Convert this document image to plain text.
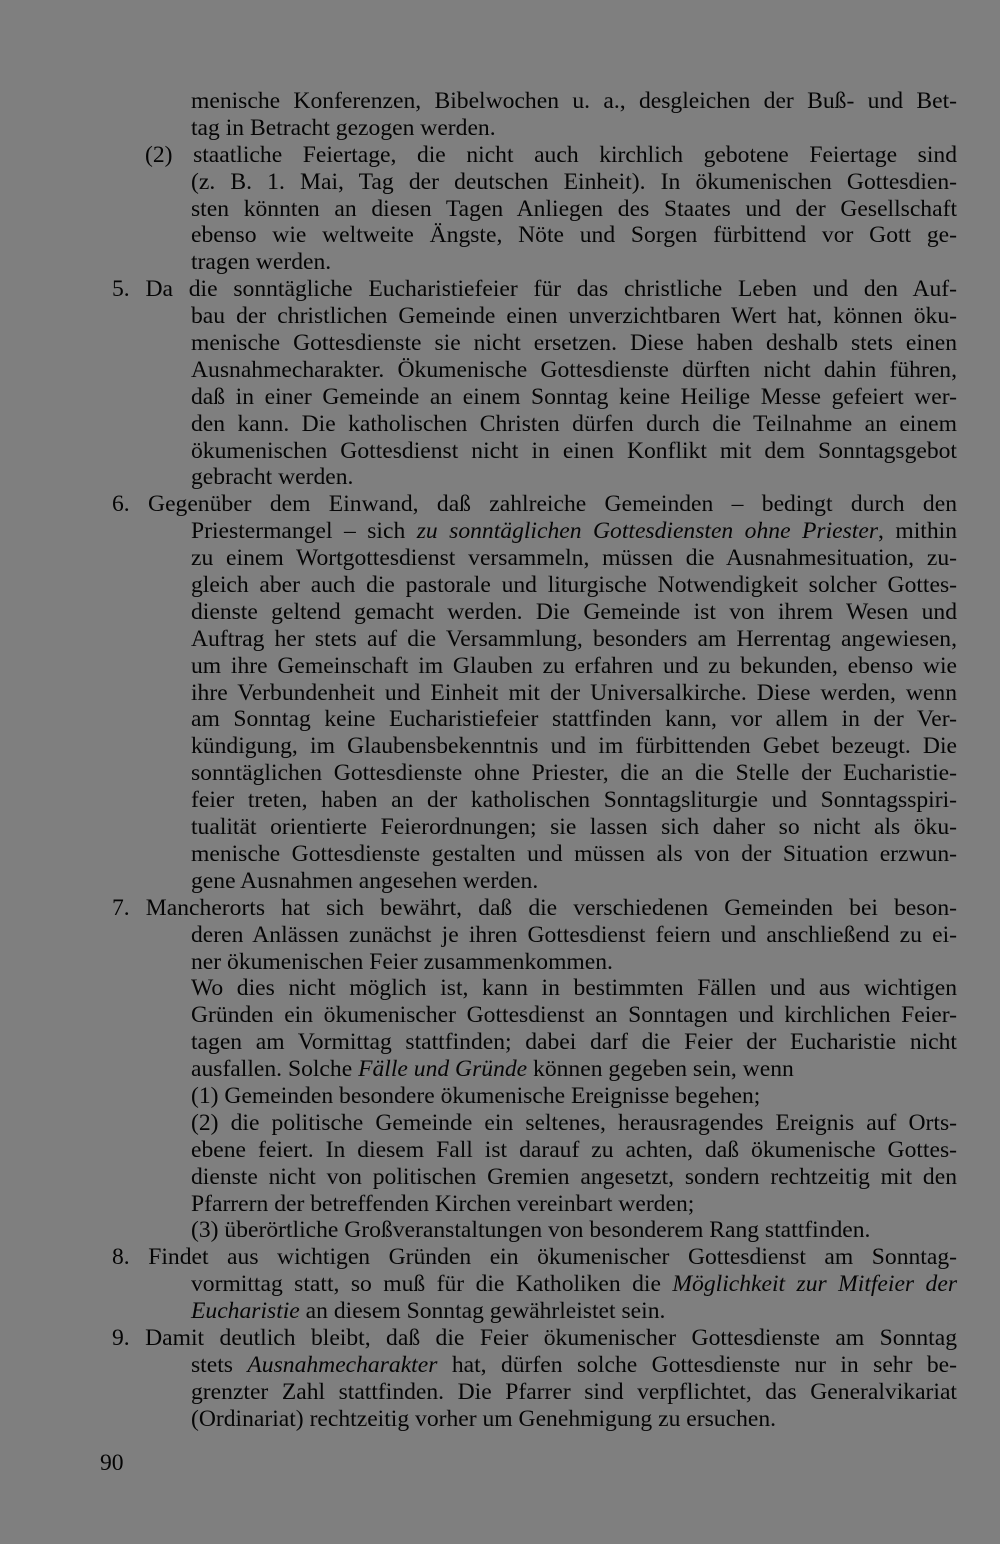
menische Konferenzen, Bibelwochen u. a., desgleichen der Buß- und Bet-
tag in Betracht gezogen werden.
(2) staatliche Feiertage, die nicht auch kirchlich gebotene Feiertage sind
(z. B. 1. Mai, Tag der deutschen Einheit). In ökumenischen Gottesdien-
sten könnten an diesen Tagen Anliegen des Staates und der Gesellschaft
ebenso wie weltweite Ängste, Nöte und Sorgen fürbittend vor Gott ge-
tragen werden.
5. Da die sonntägliche Eucharistiefeier für das christliche Leben und den Auf-
bau der christlichen Gemeinde einen unverzichtbaren Wert hat, können öku-
menische Gottesdienste sie nicht ersetzen. Diese haben deshalb stets einen
Ausnahmecharakter. Ökumenische Gottesdienste dürften nicht dahin führen,
daß in einer Gemeinde an einem Sonntag keine Heilige Messe gefeiert wer-
den kann. Die katholischen Christen dürfen durch die Teilnahme an einem
ökumenischen Gottesdienst nicht in einen Konflikt mit dem Sonntagsgebot
gebracht werden.
6. Gegenüber dem Einwand, daß zahlreiche Gemeinden – bedingt durch den
Priestermangel – sich zu sonntäglichen Gottesdiensten ohne Priester, mithin
zu einem Wortgottesdienst versammeln, müssen die Ausnahmesituation, zu-
gleich aber auch die pastorale und liturgische Notwendigkeit solcher Gottes-
dienste geltend gemacht werden. Die Gemeinde ist von ihrem Wesen und
Auftrag her stets auf die Versammlung, besonders am Herrentag angewiesen,
um ihre Gemeinschaft im Glauben zu erfahren und zu bekunden, ebenso wie
ihre Verbundenheit und Einheit mit der Universalkirche. Diese werden, wenn
am Sonntag keine Eucharistiefeier stattfinden kann, vor allem in der Ver-
kündigung, im Glaubensbekenntnis und im fürbittenden Gebet bezeugt. Die
sonntäglichen Gottesdienste ohne Priester, die an die Stelle der Eucharistie-
feier treten, haben an der katholischen Sonntagsliturgie und Sonntagsspiri-
tualität orientierte Feierordnungen; sie lassen sich daher so nicht als öku-
menische Gottesdienste gestalten und müssen als von der Situation erzwun-
gene Ausnahmen angesehen werden.
7. Mancherorts hat sich bewährt, daß die verschiedenen Gemeinden bei beson-
deren Anlässen zunächst je ihren Gottesdienst feiern und anschließend zu ei-
ner ökumenischen Feier zusammenkommen.
Wo dies nicht möglich ist, kann in bestimmten Fällen und aus wichtigen
Gründen ein ökumenischer Gottesdienst an Sonntagen und kirchlichen Feier-
tagen am Vormittag stattfinden; dabei darf die Feier der Eucharistie nicht
ausfallen. Solche Fälle und Gründe können gegeben sein, wenn
(1) Gemeinden besondere ökumenische Ereignisse begehen;
(2) die politische Gemeinde ein seltenes, herausragendes Ereignis auf Orts-
ebene feiert. In diesem Fall ist darauf zu achten, daß ökumenische Gottes-
dienste nicht von politischen Gremien angesetzt, sondern rechtzeitig mit den
Pfarrern der betreffenden Kirchen vereinbart werden;
(3) überörtliche Großveranstaltungen von besonderem Rang stattfinden.
8. Findet aus wichtigen Gründen ein ökumenischer Gottesdienst am Sonntag-
vormittag statt, so muß für die Katholiken die Möglichkeit zur Mitfeier der
Eucharistie an diesem Sonntag gewährleistet sein.
9. Damit deutlich bleibt, daß die Feier ökumenischer Gottesdienste am Sonntag
stets Ausnahmecharakter hat, dürfen solche Gottesdienste nur in sehr be-
grenzter Zahl stattfinden. Die Pfarrer sind verpflichtet, das Generalvikariat
(Ordinariat) rechtzeitig vorher um Genehmigung zu ersuchen.
90
